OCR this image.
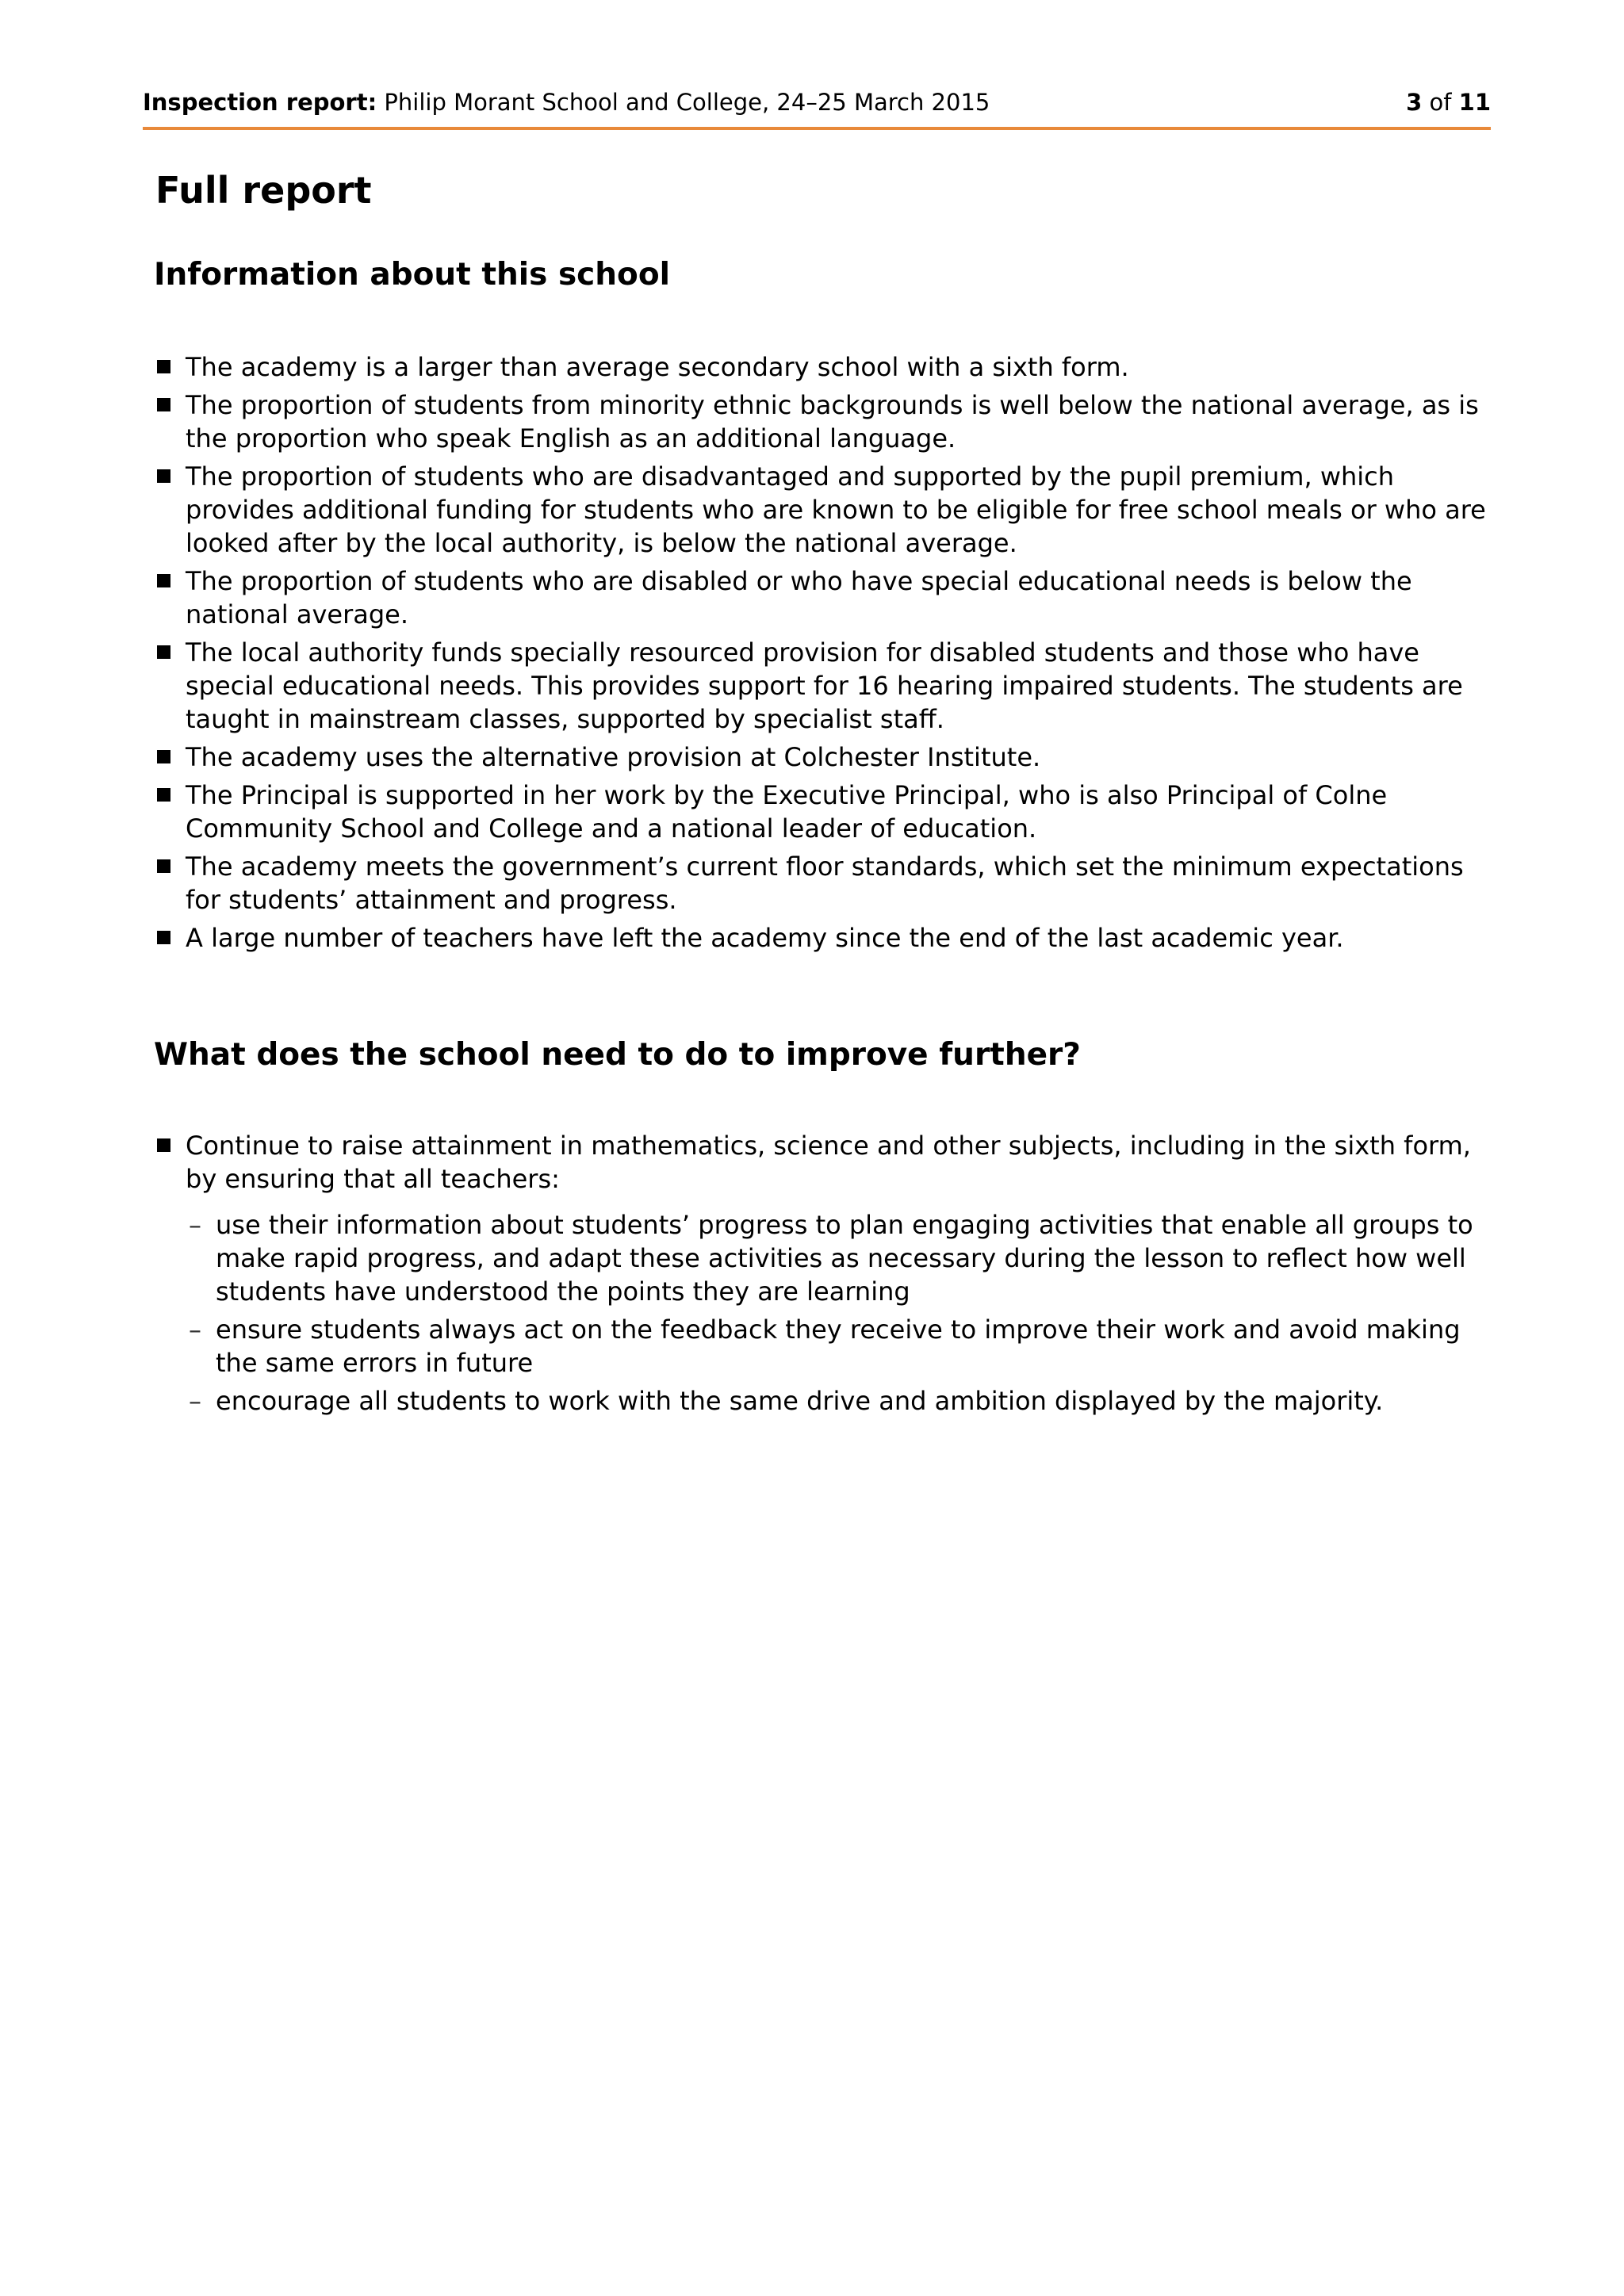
Inspection report: Philip Morant School and College, 24–25 March 2015	3 of 11
Full report
Information about this school
The academy is a larger than average secondary school with a sixth form.
The proportion of students from minority ethnic backgrounds is well below the national average, as is the proportion who speak English as an additional language.
The proportion of students who are disadvantaged and supported by the pupil premium, which provides additional funding for students who are known to be eligible for free school meals or who are looked after by the local authority, is below the national average.
The proportion of students who are disabled or who have special educational needs is below the national average.
The local authority funds specially resourced provision for disabled students and those who have special educational needs. This provides support for 16 hearing impaired students. The students are taught in mainstream classes, supported by specialist staff.
The academy uses the alternative provision at Colchester Institute.
The Principal is supported in her work by the Executive Principal, who is also Principal of Colne Community School and College and a national leader of education.
The academy meets the government’s current floor standards, which set the minimum expectations for students’ attainment and progress.
A large number of teachers have left the academy since the end of the last academic year.
What does the school need to do to improve further?
Continue to raise attainment in mathematics, science and other subjects, including in the sixth form, by ensuring that all teachers:
– use their information about students’ progress to plan engaging activities that enable all groups to make rapid progress, and adapt these activities as necessary during the lesson to reflect how well students have understood the points they are learning
– ensure students always act on the feedback they receive to improve their work and avoid making the same errors in future
– encourage all students to work with the same drive and ambition displayed by the majority.
